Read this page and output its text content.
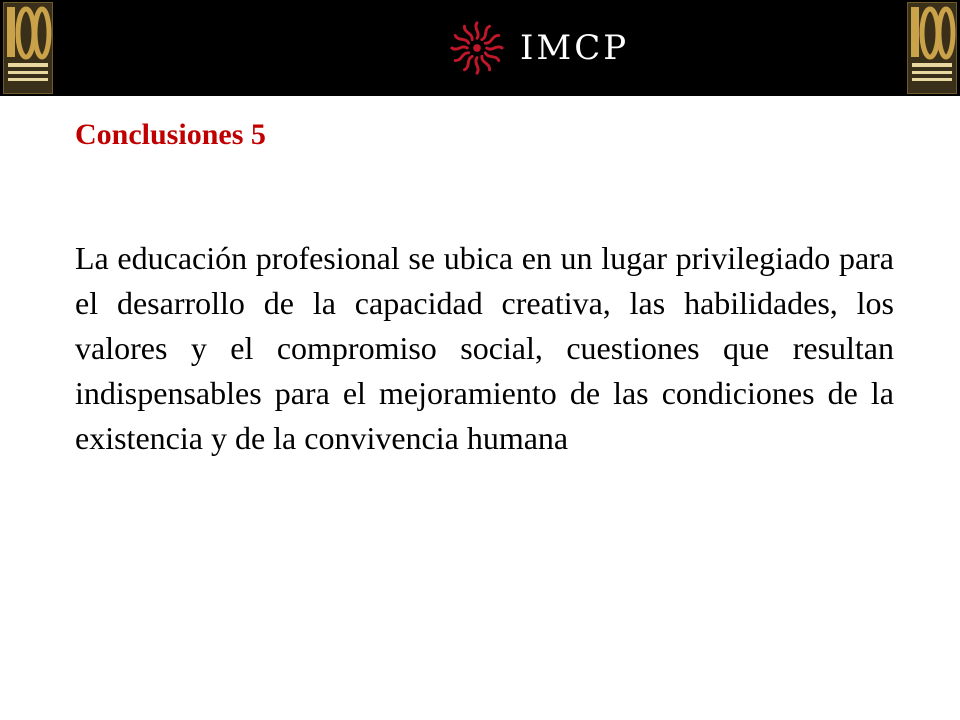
IMCP
Conclusiones 5

La educación profesional se ubica en un lugar privilegiado para el desarrollo de la capacidad creativa, las habilidades, los valores y el compromiso social, cuestiones que resultan indispensables para el mejoramiento de las condiciones de la existencia y de la convivencia humana
